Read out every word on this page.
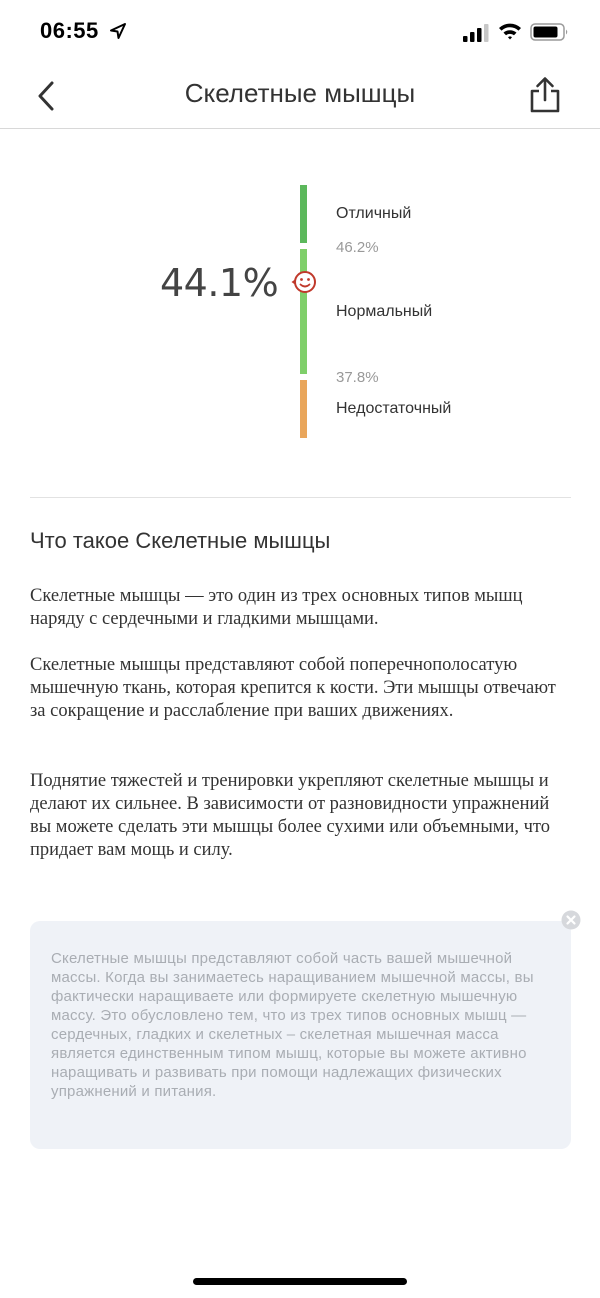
06:55
Скелетные мышцы
44.1%
Отличный
46.2%
Нормальный
37.8%
Недостаточный
Что такое Скелетные мышцы

Скелетные мышцы — это один из трех основных типов мышц наряду с сердечными и гладкими мышцами.

Скелетные мышцы представляют собой поперечнополосатую мышечную ткань, которая крепится к кости. Эти мышцы отвечают за сокращение и расслабление при ваших движениях.

Поднятие тяжестей и тренировки укрепляют скелетные мышцы и делают их сильнее. В зависимости от разновидности упражнений вы можете сделать эти мышцы более сухими или объемными, что придает вам мощь и силу.

Скелетные мышцы представляют собой часть вашей мышечной массы. Когда вы занимаетесь наращиванием мышечной массы, вы фактически наращиваете или формируете скелетную мышечную массу. Это обусловлено тем, что из трех типов основных мышц — сердечных, гладких и скелетных – скелетная мышечная масса является единственным типом мышц, которые вы можете активно наращивать и развивать при помощи надлежащих физических упражнений и питания.
